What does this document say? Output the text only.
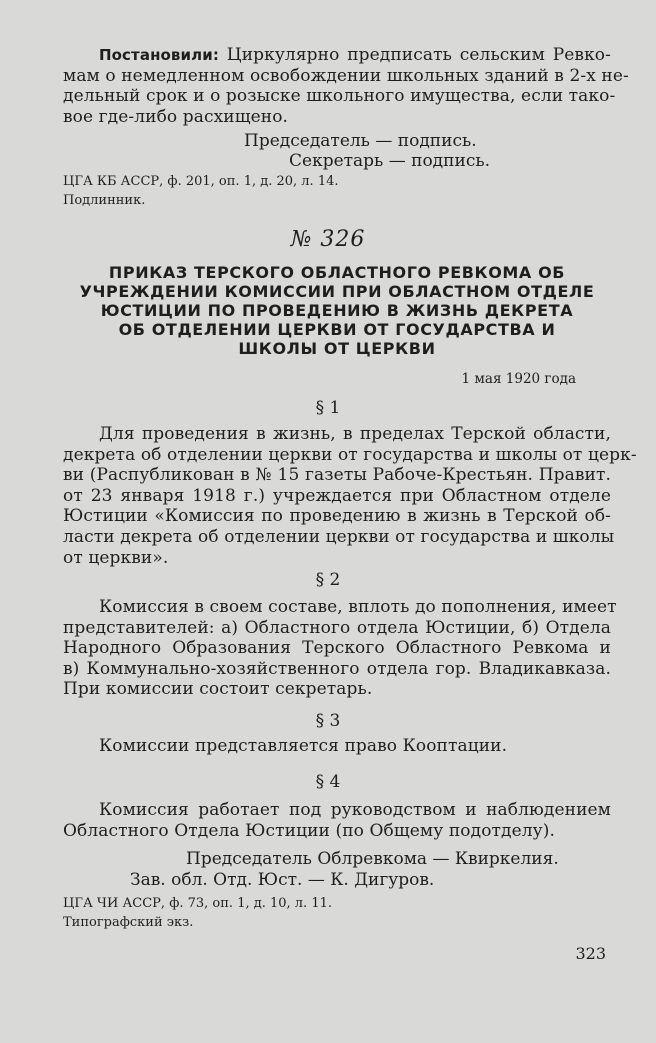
Постановили: Циркулярно предписать сельским Ревко-
мам о немедленном освобождении школьных зданий в 2-х не-
дельный срок и о розыске школьного имущества, если тако-
вое где-либо расхищено.
Председатель — подпись.
Секретарь — подпись.
ЦГА КБ АССР, ф. 201, оп. 1, д. 20, л. 14.
Подлинник.
№ 326
ПРИКАЗ ТЕРСКОГО ОБЛАСТНОГО РЕВКОМА ОБ
УЧРЕЖДЕНИИ КОМИССИИ ПРИ ОБЛАСТНОМ ОТДЕЛЕ
ЮСТИЦИИ ПО ПРОВЕДЕНИЮ В ЖИЗНЬ ДЕКРЕТА
ОБ ОТДЕЛЕНИИ ЦЕРКВИ ОТ ГОСУДАРСТВА И
ШКОЛЫ ОТ ЦЕРКВИ
1 мая 1920 года
§ 1
Для проведения в жизнь, в пределах Терской области,
декрета об отделении церкви от государства и школы от церк-
ви (Распубликован в № 15 газеты Рабоче-Крестьян. Правит.
от 23 января 1918 г.) учреждается при Областном отделе
Юстиции «Комиссия по проведению в жизнь в Терской об-
ласти декрета об отделении церкви от государства и школы
от церкви».
§ 2
Комиссия в своем составе, вплоть до пополнения, имеет
представителей: а) Областного отдела Юстиции, б) Отдела
Народного Образования Терского Областного Ревкома и
в) Коммунально-хозяйственного отдела гор. Владикавказа.
При комиссии состоит секретарь.
§ 3
Комиссии представляется право Кооптации.
§ 4
Комиссия работает под руководством и наблюдением
Областного Отдела Юстиции (по Общему подотделу).
Председатель Облревкома — Квиркелия.
Зав. обл. Отд. Юст. — К. Дигуров.
ЦГА ЧИ АССР, ф. 73, оп. 1, д. 10, л. 11.
Типографский экз.
323
